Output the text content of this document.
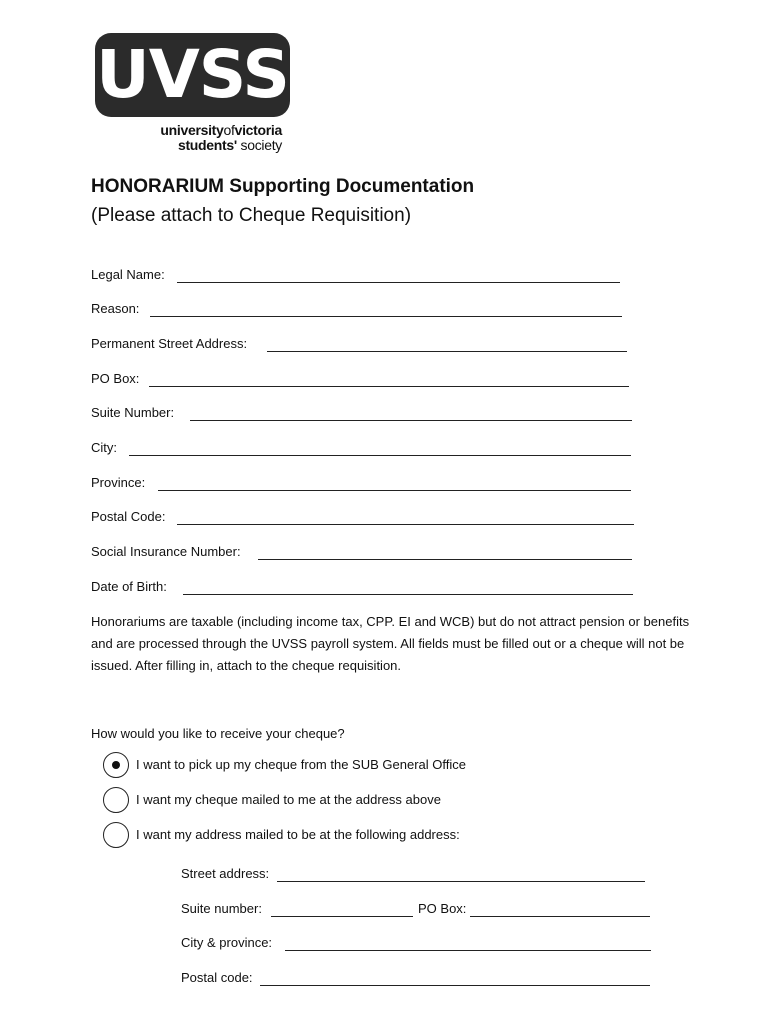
UVSS
universityofvictoria
students' society
HONORARIUM Supporting Documentation
(Please attach to Cheque Requisition)
Legal Name:
Reason:
Permanent Street Address:
PO Box:
Suite Number:
City:
Province:
Postal Code:
Social Insurance Number:
Date of Birth:
Honorariums are taxable (including income tax, CPP. EI and WCB) but do not attract pension or benefits and are processed through the UVSS payroll system. All fields must be filled out or a cheque will not be issued. After filling in, attach to the cheque requisition.
How would you like to receive your cheque?
I want to pick up my cheque from the SUB General Office
I want my cheque mailed to me at the address above
I want my address mailed to be at the following address:
Street address:
Suite number:	PO Box:
City & province:
Postal code:
